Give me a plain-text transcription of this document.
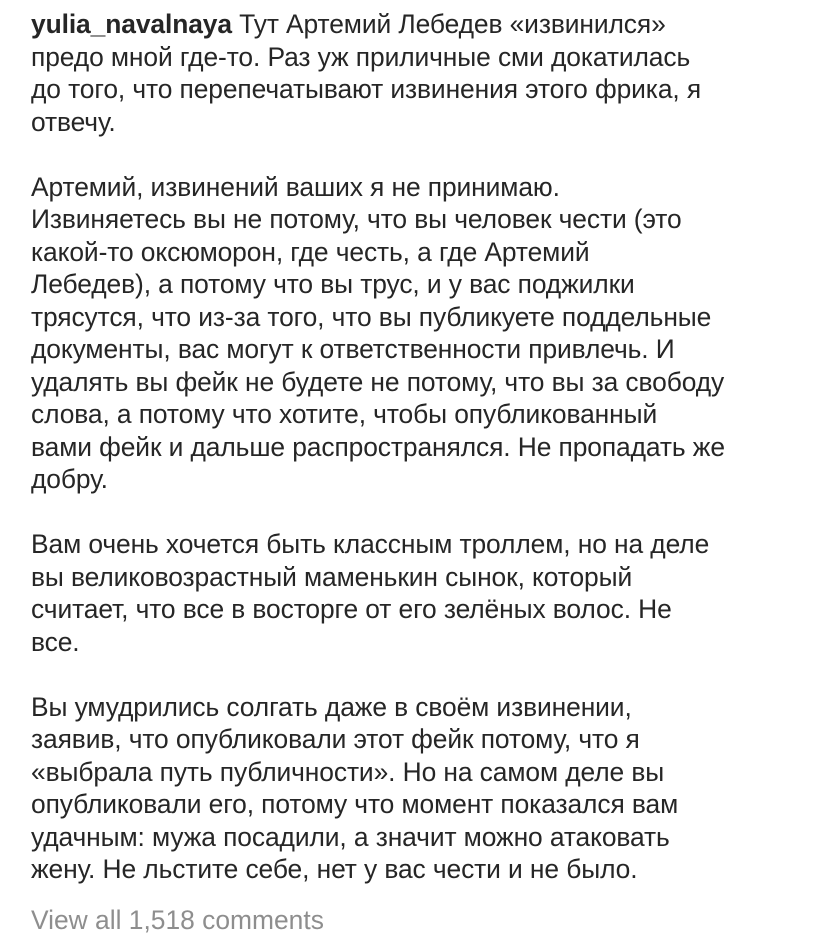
yulia_navalnaya Тут Артемий Лебедев «извинился»
предо мной где-то. Раз уж приличные сми докатилась
до того, что перепечатывают извинения этого фрика, я
отвечу.

Артемий, извинений ваших я не принимаю.
Извиняетесь вы не потому, что вы человек чести (это
какой-то оксюморон, где честь, а где Артемий
Лебедев), а потому что вы трус, и у вас поджилки
трясутся, что из-за того, что вы публикуете поддельные
документы, вас могут к ответственности привлечь. И
удалять вы фейк не будете не потому, что вы за свободу
слова, а потому что хотите, чтобы опубликованный
вами фейк и дальше распространялся. Не пропадать же
добру.

Вам очень хочется быть классным троллем, но на деле
вы великовозрастный маменькин сынок, который
считает, что все в восторге от его зелёных волос. Не
все.

Вы умудрились солгать даже в своём извинении,
заявив, что опубликовали этот фейк потому, что я
«выбрала путь публичности». Но на самом деле вы
опубликовали его, потому что момент показался вам
удачным: мужа посадили, а значит можно атаковать
жену. Не льстите себе, нет у вас чести и не было.

View all 1,518 comments
